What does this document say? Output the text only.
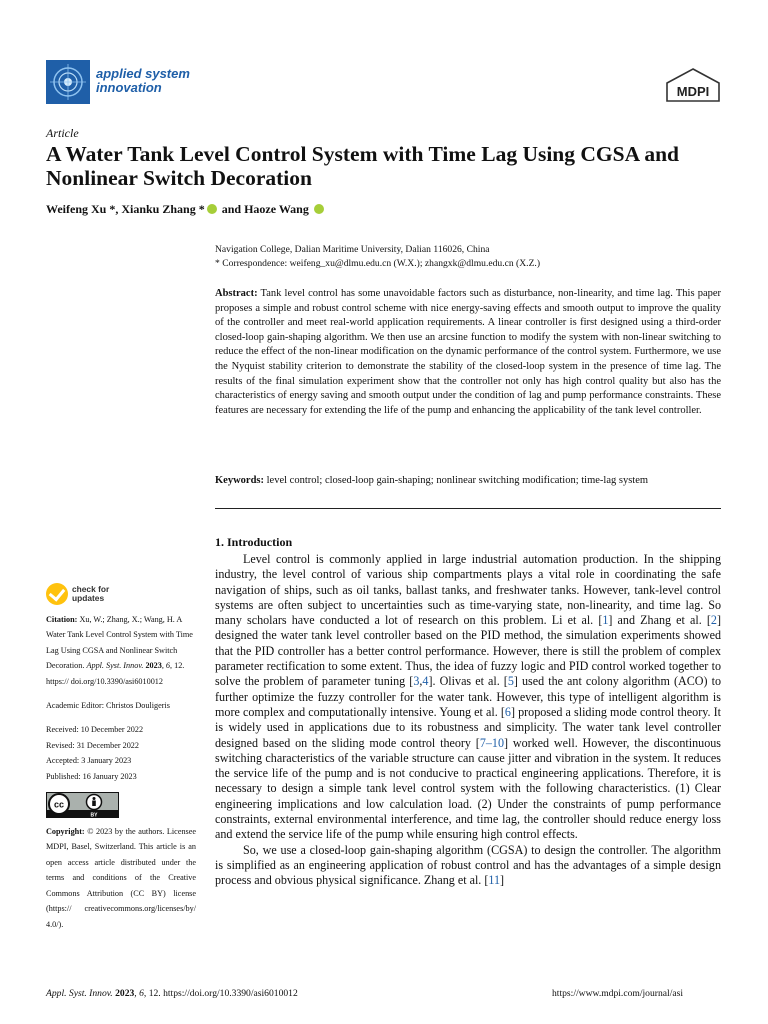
applied system
innovation	MDPI
Article
A Water Tank Level Control System with Time Lag Using CGSA and Nonlinear Switch Decoration
Weifeng Xu *, Xianku Zhang * and Haoze Wang
Navigation College, Dalian Maritime University, Dalian 116026, China
* Correspondence: weifeng_xu@dlmu.edu.cn (W.X.); zhangxk@dlmu.edu.cn (X.Z.)

Abstract: Tank level control has some unavoidable factors such as disturbance, non-linearity, and time lag. This paper proposes a simple and robust control scheme with nice energy-saving effects and smooth output to improve the quality of the controller and meet real-world application requirements. A linear controller is first designed using a third-order closed-loop gain-shaping algorithm. We then use an arcsine function to modify the system with non-linear switching to reduce the effect of the non-linear modification on the dynamic performance of the control system. Furthermore, we use the Nyquist stability criterion to demonstrate the stability of the closed-loop system in the presence of time lag. The results of the final simulation experiment show that the controller not only has high control quality but also has the characteristics of energy saving and smooth output under the condition of lag and pump performance constraints. These features are necessary for extending the life of the pump and enhancing the applicability of the tank level controller.

Keywords: level control; closed-loop gain-shaping; nonlinear switching modification; time-lag system

1. Introduction

Level control is commonly applied in large industrial automation production. In the shipping industry, the level control of various ship compartments plays a vital role in coordinating the safe navigation of ships, such as oil tanks, ballast tanks, and freshwater tanks. However, tank-level control systems are often subject to uncertainties such as time-varying state, non-linearity, and time lag. So many scholars have conducted a lot of research on this problem. Li et al. [1] and Zhang et al. [2] designed the water tank level controller based on the PID method, the simulation experiments showed that the PID controller has a better control performance. However, there is still the problem of complex parameter rectification to some extent. Thus, the idea of fuzzy logic and PID control worked together to solve the problem of parameter tuning [3,4]. Olivas et al. [5] used the ant colony algorithm (ACO) to further optimize the fuzzy controller for the water tank. However, this type of intelligent algorithm is more complex and computationally intensive. Young et al. [6] proposed a sliding mode control theory. It is widely used in applications due to its robustness and simplicity. The water tank level controller designed based on the sliding mode control theory [7–10] worked well. However, the discontinuous switching characteristics of the variable structure can cause jitter and vibration in the system. It reduces the service life of the pump and is not conducive to practical engineering applications. Therefore, it is necessary to design a simple tank level control system with the following characteristics. (1) Clear engineering implications and low calculation load. (2) Under the constraints of pump performance constraints, external environmental interference, and time lag, the controller should reduce energy loss and extend the service life of the pump while ensuring high control effects.

So, we use a closed-loop gain-shaping algorithm (CGSA) to design the controller. The algorithm is simplified as an engineering application of robust control and has the advantages of a simple design process and obvious physical significance. Zhang et al. [11]

check for
updates
Citation: Xu, W.; Zhang, X.; Wang, H. A Water Tank Level Control System with Time Lag Using CGSA and Nonlinear Switch Decoration. Appl. Syst. Innov. 2023, 6, 12. https:// doi.org/10.3390/asi6010012
Academic Editor: Christos Douligeris
Received: 10 December 2022
Revised: 31 December 2022
Accepted: 3 January 2023
Published: 16 January 2023
cc
BY
Copyright: © 2023 by the authors. Licensee MDPI, Basel, Switzerland. This article is an open access article distributed under the terms and conditions of the Creative Commons Attribution (CC BY) license (https:// creativecommons.org/licenses/by/ 4.0/).
Appl. Syst. Innov. 2023, 6, 12. https://doi.org/10.3390/asi6010012	https://www.mdpi.com/journal/asi
